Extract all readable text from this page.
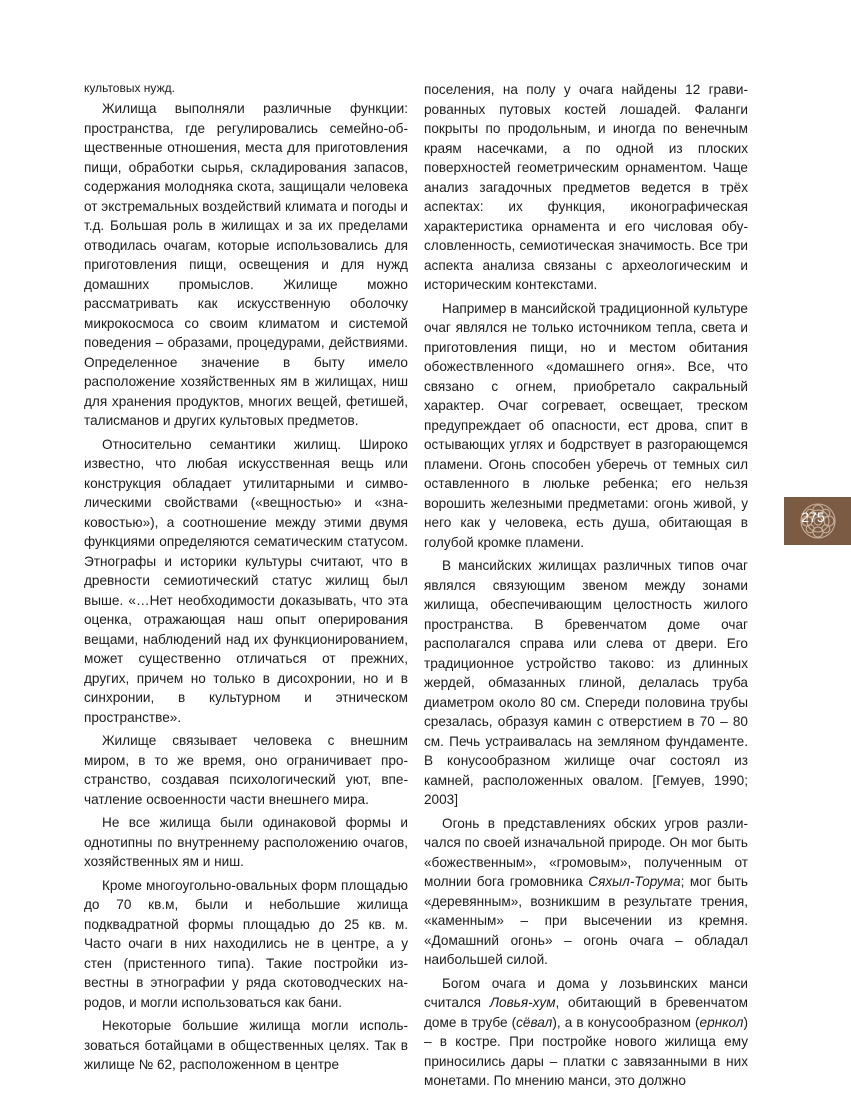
культовых нужд.

Жилища выполняли различные функции: пространства, где регулировались семейно-общественные отношения, места для приготовления пищи, обработки сырья, складирования запасов, содержания молодняка скота, защищали человека от экстремальных воздействий климата и погоды и т.д. Большая роль в жилищах и за их пределами отводилась очагам, которые использовались для приготовления пищи, освещения и для нужд домашних промыслов. Жилище можно рассматривать как искусственную оболочку микрокосмоса со своим климатом и системой поведения – образами, процедурами, действиями. Определенное значение в быту имело расположение хозяйственных ям в жилищах, ниш для хранения продуктов, многих вещей, фетишей, талисманов и других культовых предметов.

Относительно семантики жилищ. Широко известно, что любая искусственная вещь или конструкция обладает утилитарными и символическими свойствами («вещностью» и «знаковостью»), а соотношение между этими двумя функциями определяются сематическим статусом. Этнографы и историки культуры считают, что в древности семиотический статус жилищ был выше. «…Нет необходимости доказывать, что эта оценка, отражающая наш опыт оперирования вещами, наблюдений над их функционированием, может существенно отличаться от прежних, других, причем но только в дисохронии, но и в синхронии, в культурном и этническом пространстве».

Жилище связывает человека с внешним миром, в то же время, оно ограничивает пространство, создавая психологический уют, впечатление освоенности части внешнего мира.

Не все жилища были одинаковой формы и однотипны по внутреннему расположению очагов, хозяйственных ям и ниш.

Кроме многоугольно-овальных форм площадью до 70 кв.м, были и небольшие жилища подквадратной формы площадью до 25 кв. м. Часто очаги в них находились не в центре, а у стен (пристенного типа). Такие постройки известны в этнографии у ряда скотоводческих народов, и могли использоваться как бани.

Некоторые большие жилища могли использоваться ботайцами в общественных целях. Так в жилище № 62, расположенном в центре

поселения, на полу у очага найдены 12 гравированных путовых костей лошадей. Фаланги покрыты по продольным, и иногда по венечным краям насечками, а по одной из плоских поверхностей геометрическим орнаментом. Чаще анализ загадочных предметов ведется в трёх аспектах: их функция, иконографическая характеристика орнамента и его числовая обусловленность, семиотическая значимость. Все три аспекта анализа связаны с археологическим и историческим контекстами.

Например в мансийской традиционной культуре очаг являлся не только источником тепла, света и приготовления пищи, но и местом обитания обожествленного «домашнего огня». Все, что связано с огнем, приобретало сакральный характер. Очаг согревает, освещает, треском предупреждает об опасности, ест дрова, спит в остывающих углях и бодрствует в разгорающемся пламени. Огонь способен уберечь от темных сил оставленного в люльке ребенка; его нельзя ворошить железными предметами: огонь живой, у него как у человека, есть душа, обитающая в голубой кромке пламени.

В мансийских жилищах различных типов очаг являлся связующим звеном между зонами жилища, обеспечивающим целостность жилого пространства. В бревенчатом доме очаг располагался справа или слева от двери. Его традиционное устройство таково: из длинных жердей, обмазанных глиной, делалась труба диаметром около 80 см. Спереди половина трубы срезалась, образуя камин с отверстием в 70 – 80 см. Печь устраивалась на земляном фундаменте. В конусообразном жилище очаг состоял из камней, расположенных овалом. [Гемуев, 1990; 2003]

Огонь в представлениях обских угров различался по своей изначальной природе. Он мог быть «божественным», «громовым», полученным от молнии бога громовника Сяхыл-Торума; мог быть «деревянным», возникшим в результате трения, «каменным» – при высечении из кремня. «Домашний огонь» – огонь очага – обладал наибольшей силой.

Богом очага и дома у лозьвинских манси считался Ловья-хум, обитающий в бревенчатом доме в трубе (сёвал), а в конусообразном (ернкол) – в костре. При постройке нового жилища ему приносились дары – платки с завязанными в них монетами. По мнению манси, это должно

275
